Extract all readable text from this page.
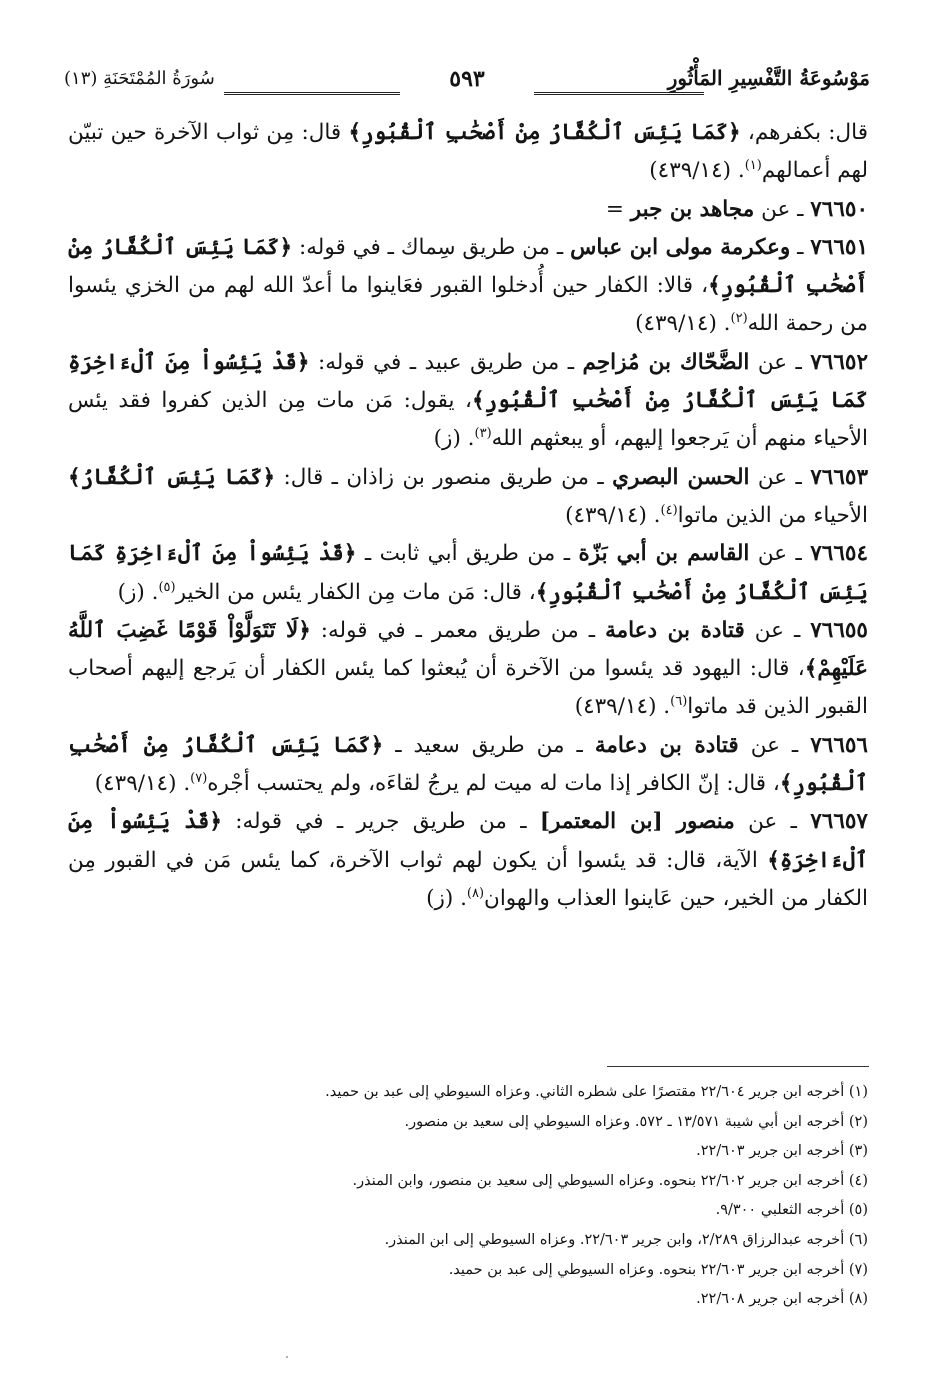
مَوْسُوعَةُ التَّفْسِيرِ المَأْثُورِ
٥٩٣
سُورَةُ المُمْتَحَنَةِ (١٣)

قال: بكفرهم، ﴿كَمَا يَئِسَ ٱلْكُفَّارُ مِنْ أَصْحَٰبِ ٱلْقُبُورِ﴾ قال: مِن ثواب الآخرة حين تبيّن لهم أعمالهم$^{(١)}$. (٤٣٩/١٤)

٧٦٦٥٠ ـ عن مجاهد بن جبر =

٧٦٦٥١ ـ وعكرمة مولى ابن عباس ـ من طريق سِماك ـ في قوله: ﴿كَمَا يَئِسَ ٱلْكُفَّارُ مِنْ أَصْحَٰبِ ٱلْقُبُورِ﴾، قالا: الكفار حين أُدخلوا القبور فعَاينوا ما أعدّ الله لهم من الخزي يئسوا من رحمة الله$^{(٢)}$. (٤٣٩/١٤)

٧٦٦٥٢ ـ عن الضَّحّاك بن مُزاحِم ـ من طريق عبيد ـ في قوله: ﴿قَدْ يَئِسُواْ مِنَ ٱلْءَاخِرَةِ كَمَا يَئِسَ ٱلْكُفَّارُ مِنْ أَصْحَٰبِ ٱلْقُبُورِ﴾، يقول: مَن مات مِن الذين كفروا فقد يئس الأحياء منهم أن يَرجعوا إليهم، أو يبعثهم الله$^{(٣)}$. (ز)

٧٦٦٥٣ ـ عن الحسن البصري ـ من طريق منصور بن زاذان ـ قال: ﴿كَمَا يَئِسَ ٱلْكُفَّارُ﴾ الأحياء من الذين ماتوا$^{(٤)}$. (٤٣٩/١٤)

٧٦٦٥٤ ـ عن القاسم بن أبي بَزّة ـ من طريق أبي ثابت ـ ﴿قَدْ يَئِسُواْ مِنَ ٱلْءَاخِرَةِ كَمَا يَئِسَ ٱلْكُفَّارُ مِنْ أَصْحَٰبِ ٱلْقُبُورِ﴾، قال: مَن مات مِن الكفار يئس من الخير$^{(٥)}$. (ز)

٧٦٦٥٥ ـ عن قتادة بن دعامة ـ من طريق معمر ـ في قوله: ﴿لَا تَتَوَلَّوْاْ قَوْمًا غَضِبَ ٱللَّهُ عَلَيْهِمْ﴾، قال: اليهود قد يئسوا من الآخرة أن يُبعثوا كما يئس الكفار أن يَرجع إليهم أصحاب القبور الذين قد ماتوا$^{(٦)}$. (٤٣٩/١٤)

٧٦٦٥٦ ـ عن قتادة بن دعامة ـ من طريق سعيد ـ ﴿كَمَا يَئِسَ ٱلْكُفَّارُ مِنْ أَصْحَٰبِ ٱلْقُبُورِ﴾، قال: إنّ الكافر إذا مات له ميت لم يرجُ لقاءَه، ولم يحتسب أجْره$^{(٧)}$. (٤٣٩/١٤)

٧٦٦٥٧ ـ عن منصور [بن المعتمر] ـ من طريق جرير ـ في قوله: ﴿قَدْ يَئِسُواْ مِنَ ٱلْءَاخِرَةِ﴾ الآية، قال: قد يئسوا أن يكون لهم ثواب الآخرة، كما يئس مَن في القبور مِن الكفار من الخير، حين عَاينوا العذاب والهوان$^{(٨)}$. (ز)

(١) أخرجه ابن جرير ٢٢/٦٠٤ مقتصرًا على شطره الثاني. وعزاه السيوطي إلى عبد بن حميد.
(٢) أخرجه ابن أبي شيبة ١٣/٥٧١ ـ ٥٧٢. وعزاه السيوطي إلى سعيد بن منصور.
(٣) أخرجه ابن جرير ٢٢/٦٠٣.
(٤) أخرجه ابن جرير ٢٢/٦٠٢ بنحوه. وعزاه السيوطي إلى سعيد بن منصور، وابن المنذر.
(٥) أخرجه الثعلبي ٩/٣٠٠.
(٦) أخرجه عبدالرزاق ٢/٢٨٩، وابن جرير ٢٢/٦٠٣. وعزاه السيوطي إلى ابن المنذر.
(٧) أخرجه ابن جرير ٢٢/٦٠٣ بنحوه. وعزاه السيوطي إلى عبد بن حميد.
(٨) أخرجه ابن جرير ٢٢/٦٠٨.
